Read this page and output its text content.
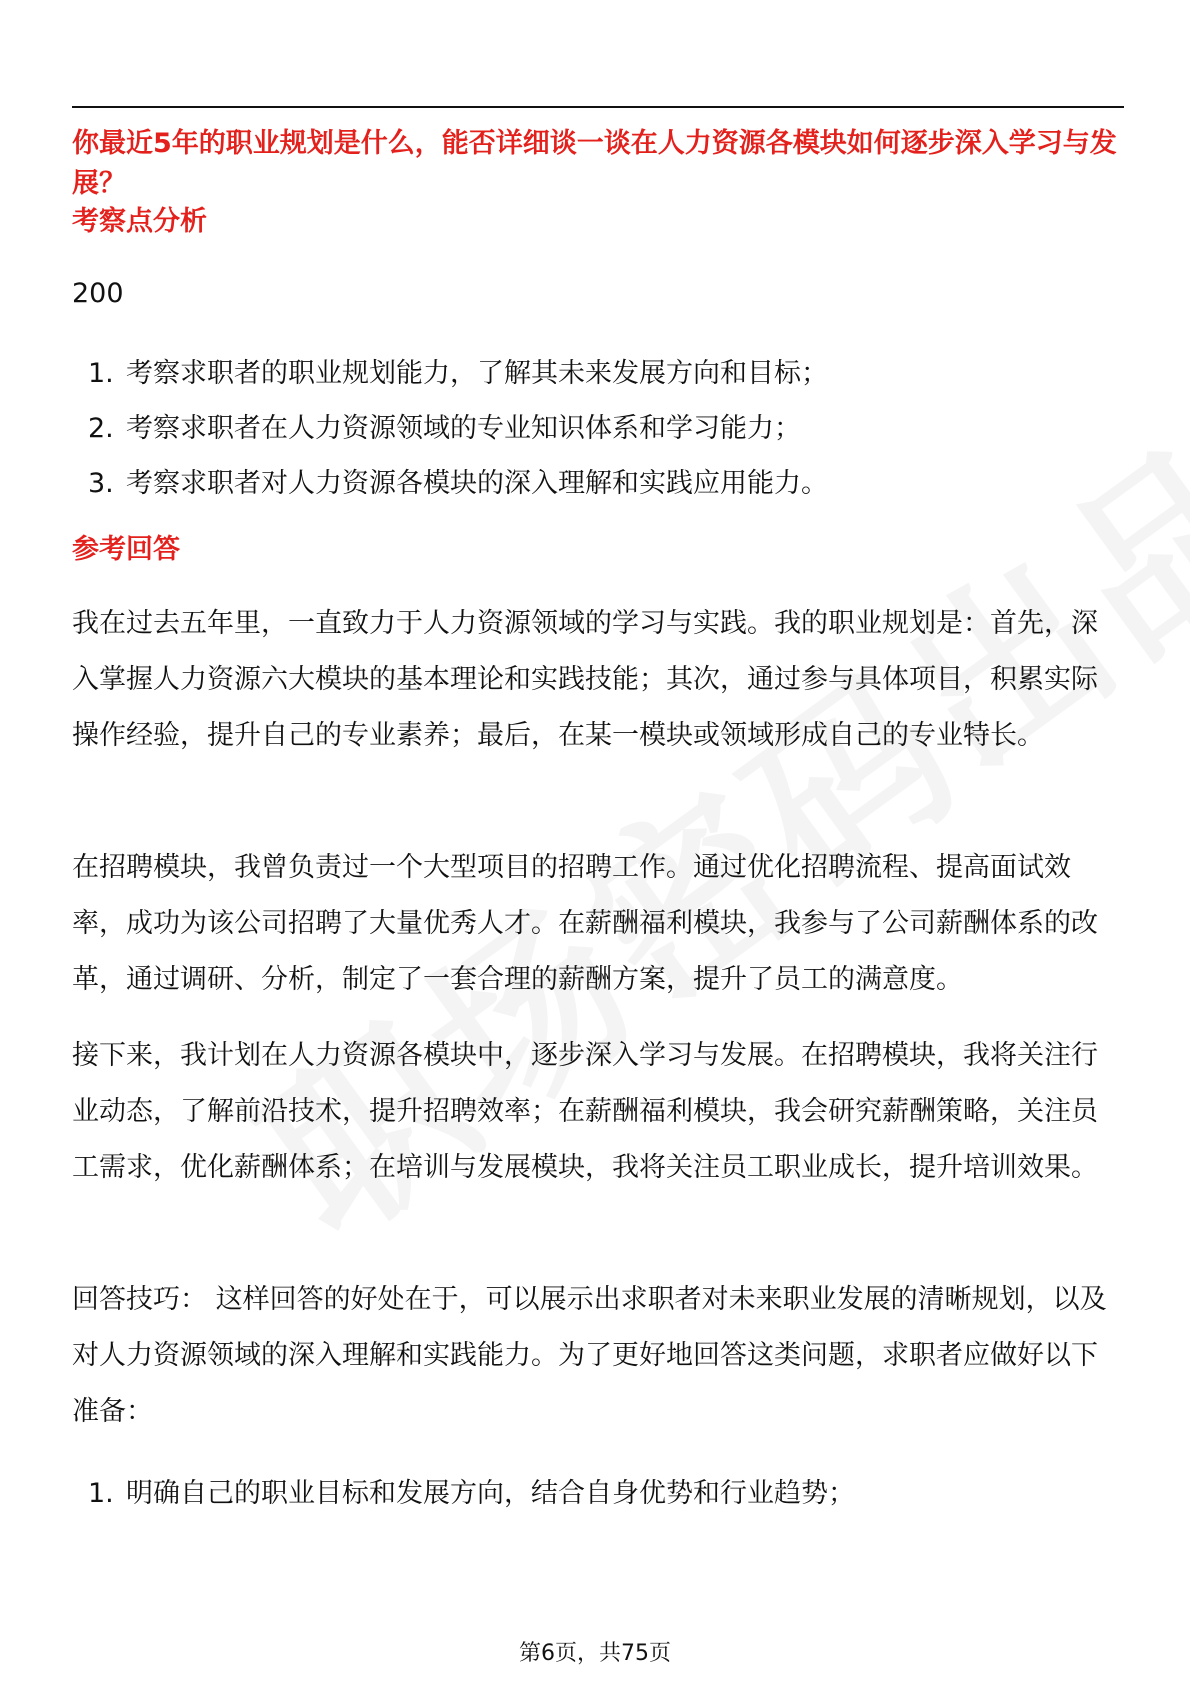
你最近5年的职业规划是什么，能否详细谈一谈在人力资源各模块如何逐步深入学习与发展？
考察点分析
200
1. 考察求职者的职业规划能力，了解其未来发展方向和目标；
2. 考察求职者在人力资源领域的专业知识体系和学习能力；
3. 考察求职者对人力资源各模块的深入理解和实践应用能力。
参考回答

我在过去五年里，一直致力于人力资源领域的学习与实践。我的职业规划是：首先，深入掌握人力资源六大模块的基本理论和实践技能；其次，通过参与具体项目，积累实际操作经验，提升自己的专业素养；最后，在某一模块或领域形成自己的专业特长。

在招聘模块，我曾负责过一个大型项目的招聘工作。通过优化招聘流程、提高面试效率，成功为该公司招聘了大量优秀人才。在薪酬福利模块，我参与了公司薪酬体系的改革，通过调研、分析，制定了一套合理的薪酬方案，提升了员工的满意度。

接下来，我计划在人力资源各模块中，逐步深入学习与发展。在招聘模块，我将关注行业动态，了解前沿技术，提升招聘效率；在薪酬福利模块，我会研究薪酬策略，关注员工需求，优化薪酬体系；在培训与发展模块，我将关注员工职业成长，提升培训效果。

回答技巧： 这样回答的好处在于，可以展示出求职者对未来职业发展的清晰规划，以及对人力资源领域的深入理解和实践能力。为了更好地回答这类问题，求职者应做好以下准备：

1. 明确自己的职业目标和发展方向，结合自身优势和行业趋势；
第6页，共75页
